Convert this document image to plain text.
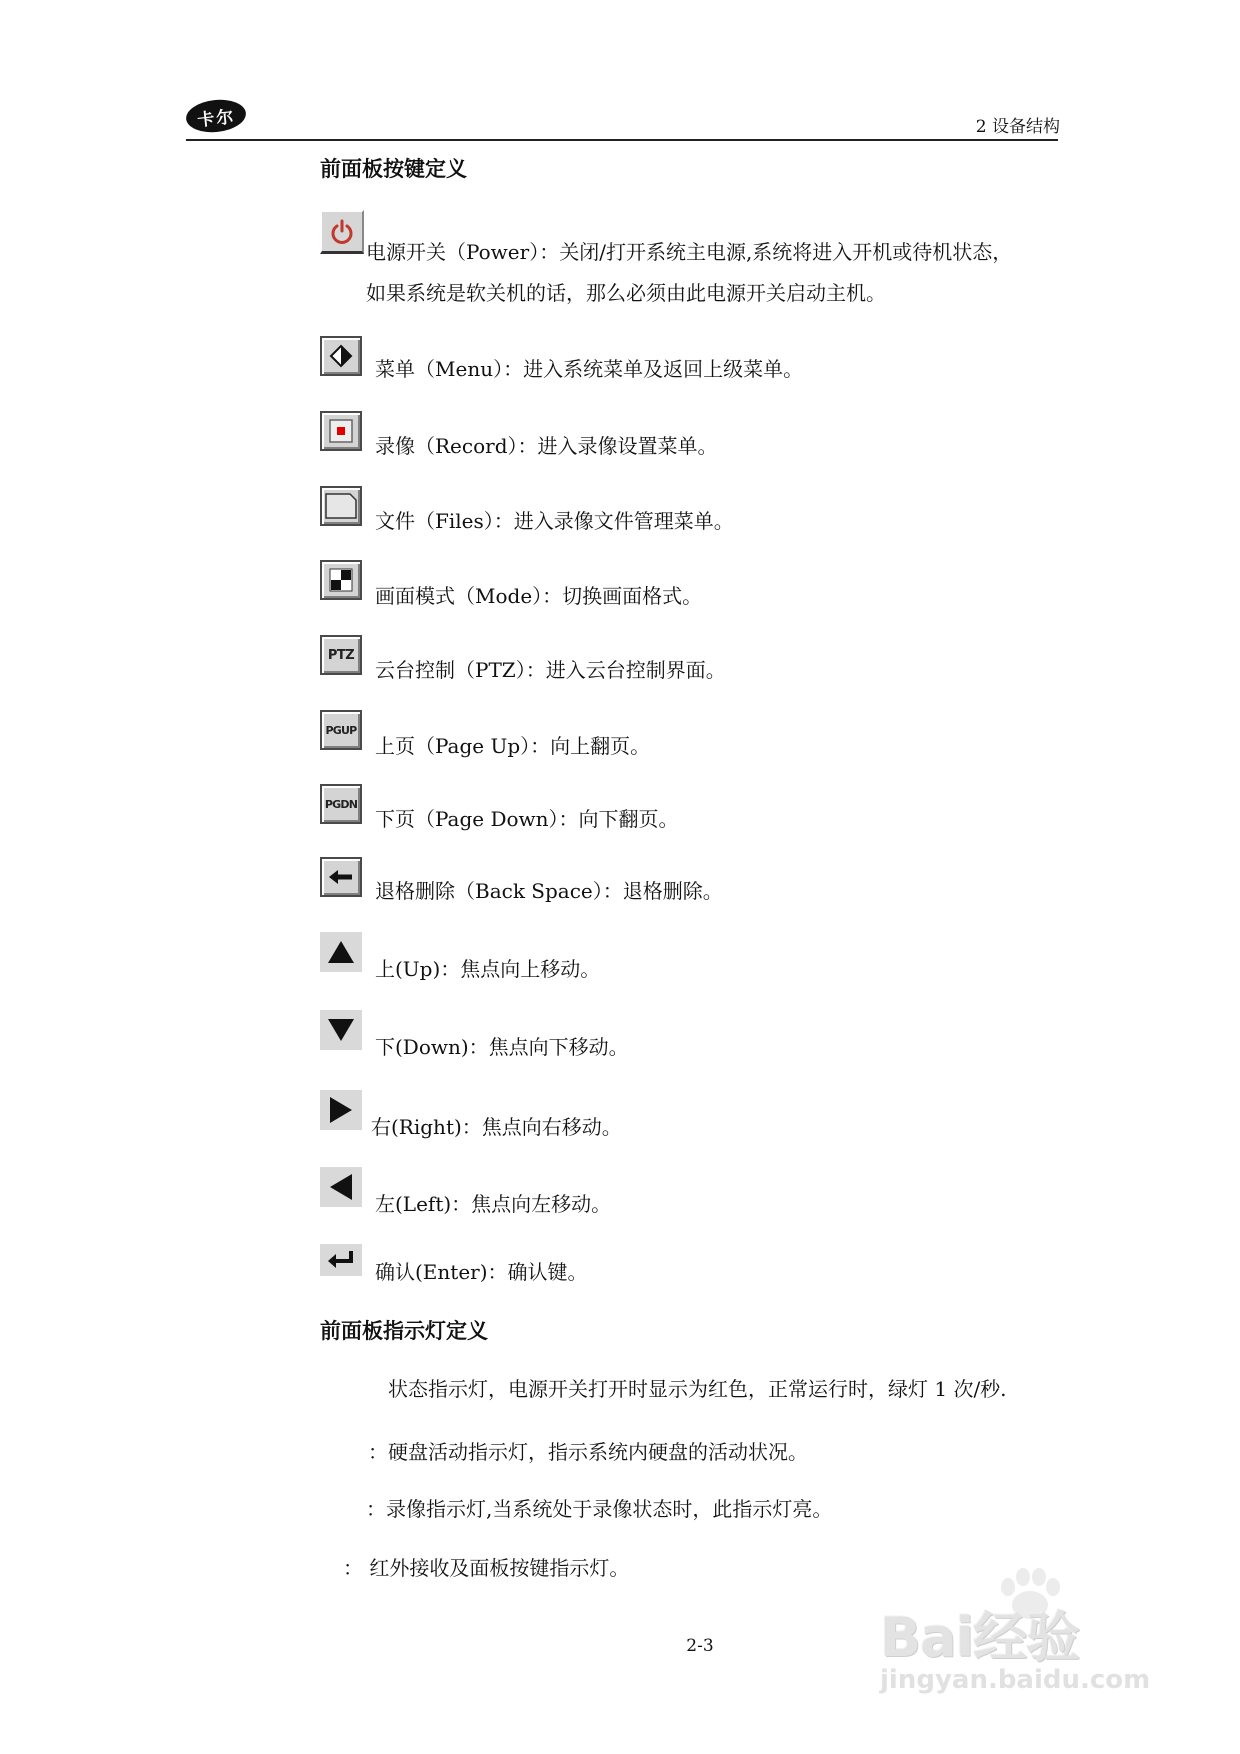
卡尔	2 设备结构
前面板按键定义
电源开关（Power）：关闭/打开系统主电源,系统将进入开机或待机状态，
如果系统是软关机的话，那么必须由此电源开关启动主机。
菜单（Menu）：进入系统菜单及返回上级菜单。
录像（Record）：进入录像设置菜单。
文件（Files）：进入录像文件管理菜单。
画面模式（Mode）：切换画面格式。
PTZ
云台控制（PTZ）：进入云台控制界面。
PGUP
上页（Page Up）：向上翻页。
PGDN
下页（Page Down）：向下翻页。
退格删除（Back Space）：退格删除。
上(Up)：焦点向上移动。
下(Down)：焦点向下移动。
右(Right)：焦点向右移动。
左(Left)：焦点向左移动。
确认(Enter)：确认键。
前面板指示灯定义
状态指示灯，电源开关打开时显示为红色，正常运行时，绿灯 1 次/秒.
：硬盘活动指示灯，指示系统内硬盘的活动状况。
：录像指示灯,当系统处于录像状态时，此指示灯亮。
： 红外接收及面板按键指示灯。
2-3	Bai经验
jingyan.baidu.com
